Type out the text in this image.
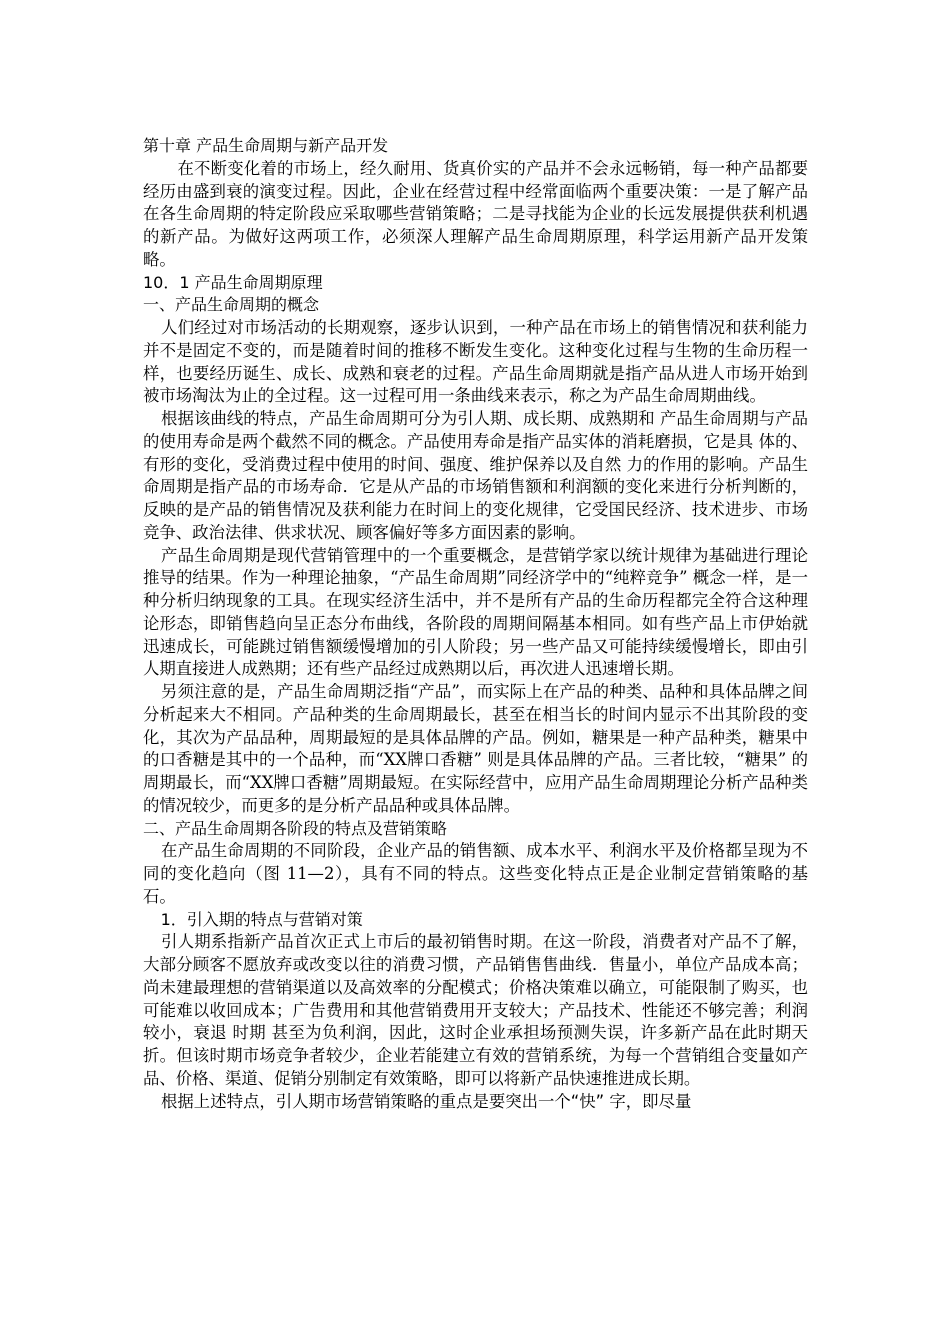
第十章 产品生命周期与新产品开发

在不断变化着的市场上，经久耐用、货真价实的产品并不会永远畅销，每一种产品都要经历由盛到衰的演变过程。因此，企业在经营过程中经常面临两个重要决策：一是了解产品在各生命周期的特定阶段应采取哪些营销策略；二是寻找能为企业的长远发展提供获利机遇的新产品。为做好这两项工作，必须深人理解产品生命周期原理，科学运用新产品开发策略。

10．1 产品生命周期原理

一、产品生命周期的概念

人们经过对市场活动的长期观察，逐步认识到，一种产品在市场上的销售情况和获利能力并不是固定不变的，而是随着时间的推移不断发生变化。这种变化过程与生物的生命历程一样，也要经历诞生、成长、成熟和衰老的过程。产品生命周期就是指产品从进人市场开始到被市场淘汰为止的全过程。这一过程可用一条曲线来表示，称之为产品生命周期曲线。

根据该曲线的特点，产品生命周期可分为引人期、成长期、成熟期和 产品生命周期与产品的使用寿命是两个截然不同的概念。产品使用寿命是指产品实体的消耗磨损，它是具 体的、有形的变化，受消费过程中使用的时间、强度、维护保养以及自然 力的作用的影响。产品生命周期是指产品的市场寿命．它是从产品的市场销售额和利润额的变化来进行分析判断的，反映的是产品的销售情况及获利能力在时间上的变化规律，它受国民经济、技术进步、市场竞争、政治法律、供求状况、顾客偏好等多方面因素的影响。

产品生命周期是现代营销管理中的一个重要概念，是营销学家以统计规律为基础进行理论推导的结果。作为一种理论抽象，“产品生命周期”同经济学中的“纯粹竞争” 概念一样，是一种分析归纳现象的工具。在现实经济生活中，并不是所有产品的生命历程都完全符合这种理论形态，即销售趋向呈正态分布曲线，各阶段的周期间隔基本相同。如有些产品上市伊始就迅速成长，可能跳过销售额缓慢增加的引人阶段；另一些产品又可能持续缓慢增长，即由引人期直接进人成熟期；还有些产品经过成熟期以后，再次进人迅速增长期。

另须注意的是，产品生命周期泛指“产品”，而实际上在产品的种类、品种和具体品牌之间分析起来大不相同。产品种类的生命周期最长，甚至在相当长的时间内显示不出其阶段的变化，其次为产品品种，周期最短的是具体品牌的产品。例如，糖果是一种产品种类，糖果中的口香糖是其中的一个品种，而“XX牌口香糖” 则是具体品牌的产品。三者比较，“糖果” 的周期最长，而“XX牌口香糖”周期最短。在实际经营中，应用产品生命周期理论分析产品种类的情况较少，而更多的是分析产品品种或具体品牌。

二、产品生命周期各阶段的特点及营销策略

在产品生命周期的不同阶段，企业产品的销售额、成本水平、利润水平及价格都呈现为不同的变化趋向（图 11—2），具有不同的特点。这些变化特点正是企业制定营销策略的基石。

1．引入期的特点与营销对策

引人期系指新产品首次正式上市后的最初销售时期。在这一阶段，消费者对产品不了解，大部分顾客不愿放弃或改变以往的消费习惯，产品销售售曲线．售量小，单位产品成本高；尚未建最理想的营销渠道以及高效率的分配模式；价格决策难以确立，可能限制了购买，也可能难以收回成本；广告费用和其他营销费用开支较大；产品技术、性能还不够完善；利润较小，衰退 时期 甚至为负利润，因此，这时企业承担场预测失误，许多新产品在此时期天折。但该时期市场竞争者较少，企业若能建立有效的营销系统，为每一个营销组合变量如产品、价格、渠道、促销分别制定有效策略，即可以将新产品快速推进成长期。

根据上述特点，引人期市场营销策略的重点是要突出一个“快” 字，即尽量
